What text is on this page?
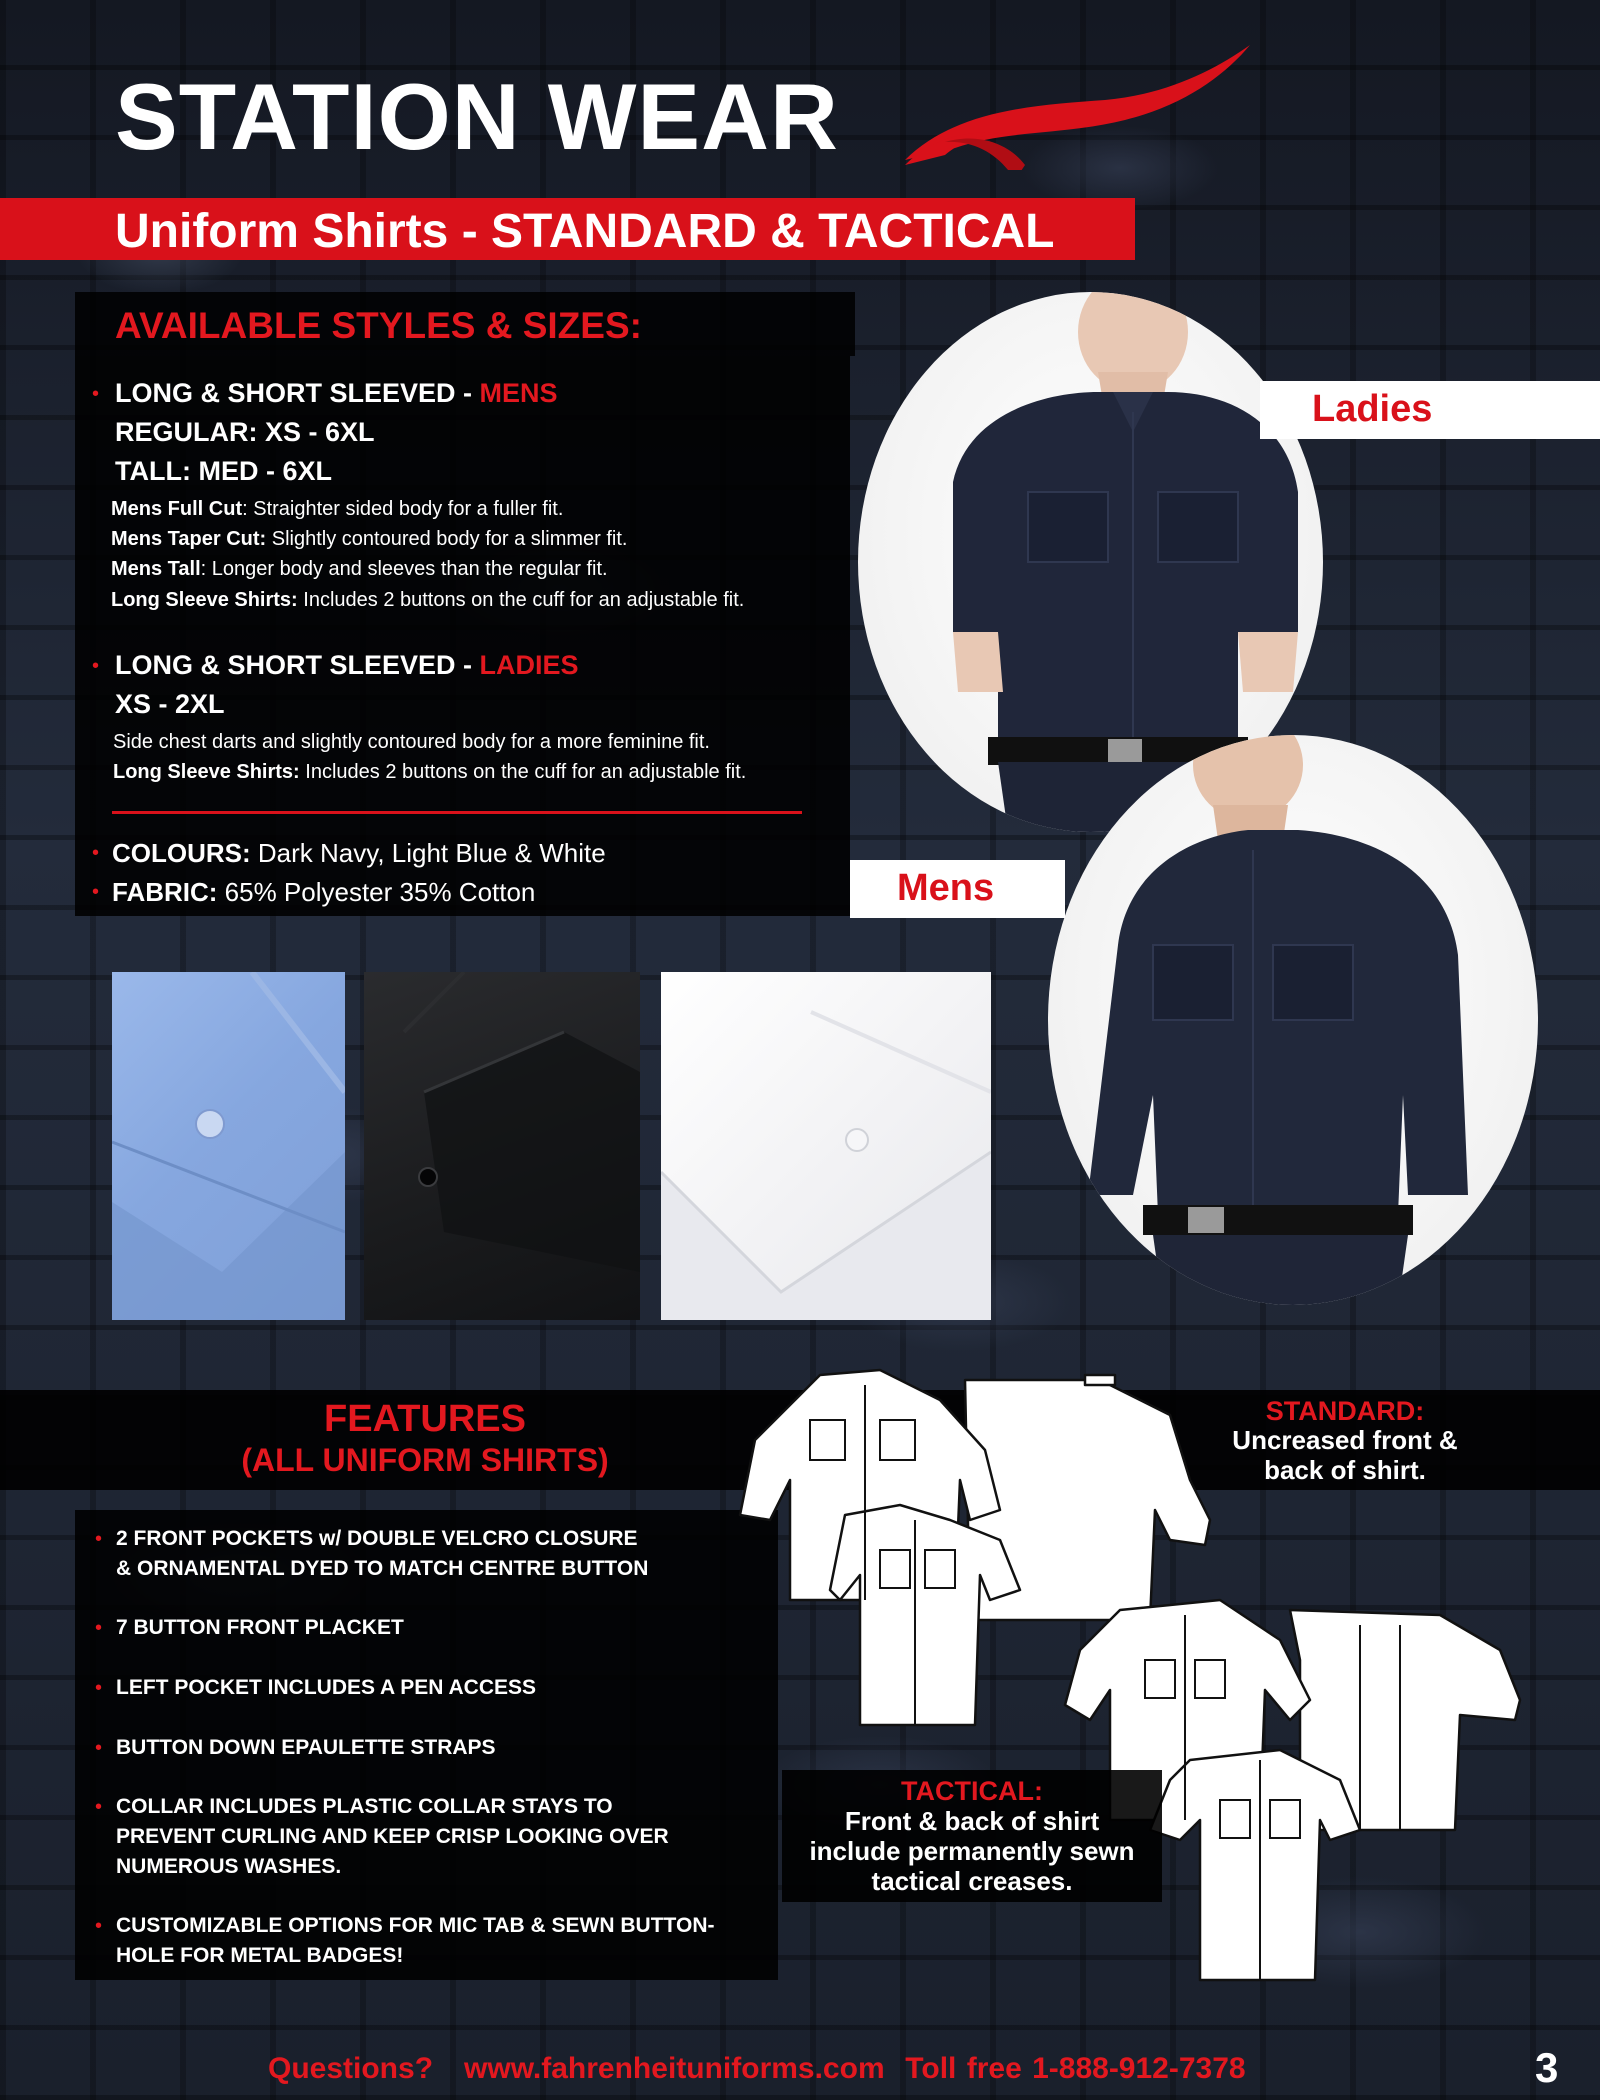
STATION WEAR
Uniform Shirts - STANDARD & TACTICAL
AVAILABLE STYLES & SIZES:
• LONG & SHORT SLEEVED - MENS
REGULAR: XS - 6XL
TALL: MED - 6XL
Mens Full Cut: Straighter sided body for a fuller fit.
Mens Taper Cut: Slightly contoured body for a slimmer fit.
Mens Tall: Longer body and sleeves than the regular fit.
Long Sleeve Shirts: Includes 2 buttons on the cuff for an adjustable fit.
• LONG & SHORT SLEEVED - LADIES
XS - 2XL
Side chest darts and slightly contoured body for a more feminine fit.
Long Sleeve Shirts: Includes 2 buttons on the cuff for an adjustable fit.
• COLOURS: Dark Navy, Light Blue & White
• FABRIC: 65% Polyester 35% Cotton
Ladies
Mens
FEATURES
(ALL UNIFORM SHIRTS)
• 2 FRONT POCKETS w/ DOUBLE VELCRO CLOSURE
& ORNAMENTAL DYED TO MATCH CENTRE BUTTON
• 7 BUTTON FRONT PLACKET
• LEFT POCKET INCLUDES A PEN ACCESS
• BUTTON DOWN EPAULETTE STRAPS
• COLLAR INCLUDES PLASTIC COLLAR STAYS TO
PREVENT CURLING AND KEEP CRISP LOOKING OVER
NUMEROUS WASHES.
• CUSTOMIZABLE OPTIONS FOR MIC TAB & SEWN BUTTON-
HOLE FOR METAL BADGES!
STANDARD:
Uncreased front &
back of shirt.
TACTICAL:
Front & back of shirt
include permanently sewn
tactical creases.
Questions?   www.fahrenheituniforms.com  Toll free 1-888-912-7378	3
